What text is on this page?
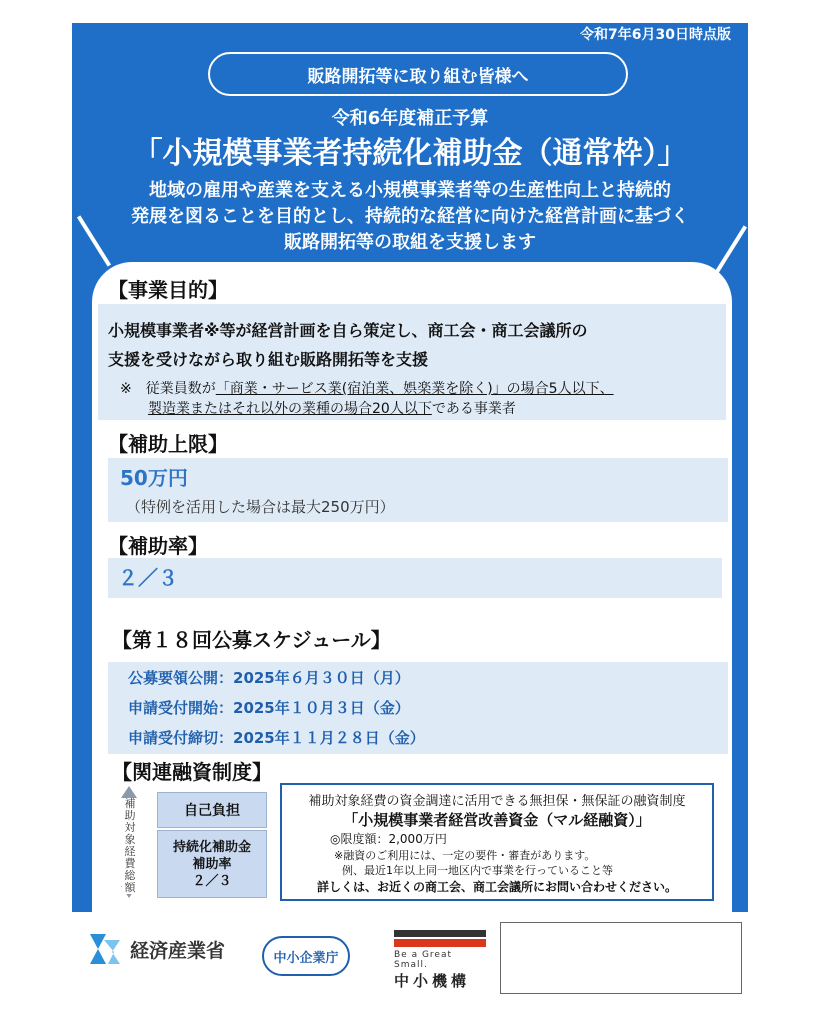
令和7年6月30日時点版
販路開拓等に取り組む皆様へ
令和6年度補正予算
「小規模事業者持続化補助金（通常枠）」
地域の雇用や産業を支える小規模事業者等の生産性向上と持続的
発展を図ることを目的とし、持続的な経営に向けた経営計画に基づく
販路開拓等の取組を支援します
【事業目的】
小規模事業者※等が経営計画を自ら策定し、商工会・商工会議所の
支援を受けながら取り組む販路開拓等を支援
※　従業員数が「商業・サービス業(宿泊業、娯楽業を除く)」の場合5人以下、
製造業またはそれ以外の業種の場合20人以下である事業者
【補助上限】
50万円
（特例を活用した場合は最大250万円）
【補助率】
２／３
【第１８回公募スケジュール】
公募要領公開：2025年６月３０日（月）
申請受付開始：2025年１０月３日（金）
申請受付締切：2025年１１月２８日（金）
【関連融資制度】
補助対象経費総額
自己負担
持続化補助金
補助率
２／３
補助対象経費の資金調達に活用できる無担保・無保証の融資制度
「小規模事業者経営改善資金（マル経融資）」
◎限度額：2,000万円
※融資のご利用には、一定の要件・審査があります。
例、最近1年以上同一地区内で事業を行っていること等
詳しくは、お近くの商工会、商工会議所にお問い合わせください。
経済産業省	中小企業庁	Be a Great Small.
中小機構
